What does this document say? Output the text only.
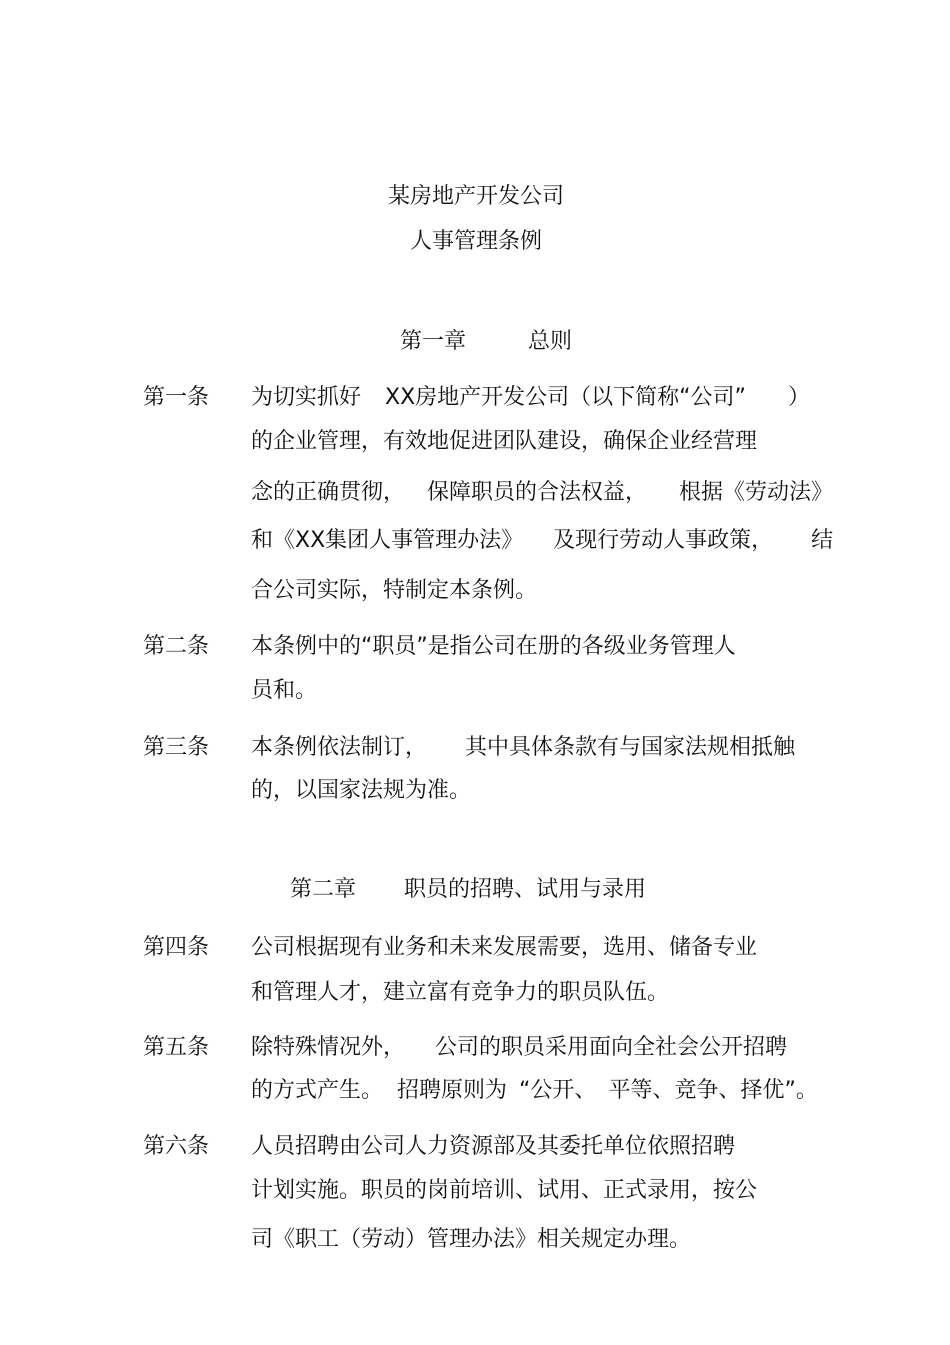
某房地产开发公司
人事管理条例
第一章	总则
第一条 为切实抓好 XX房地产开发公司（以下简称“公司” ）
的企业管理，有效地促进团队建设，确保企业经营理
念的正确贯彻， 保障职员的合法权益， 根据《劳动法》
和《XX集团人事管理办法》 及现行劳动人事政策， 结
合公司实际，特制定本条例。
第二条 本条例中的“职员”是指公司在册的各级业务管理人
员和。
第三条 本条例依法制订， 其中具体条款有与国家法规相抵触
的，以国家法规为准。
第二章 职员的招聘、试用与录用
第四条 公司根据现有业务和未来发展需要，选用、储备专业
和管理人才，建立富有竞争力的职员队伍。
第五条 除特殊情况外， 公司的职员采用面向全社会公开招聘
的方式产生。 招聘原则为 “公开、 平等、竞争、择优”。
第六条 人员招聘由公司人力资源部及其委托单位依照招聘
计划实施。职员的岗前培训、试用、正式录用，按公
司《职工（劳动）管理办法》相关规定办理。
